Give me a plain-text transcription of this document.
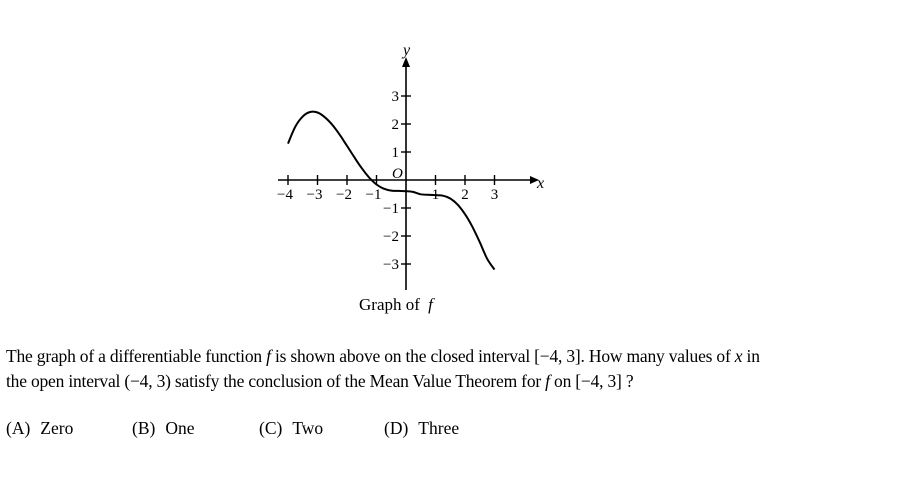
−4 −3 −2 −1	1 2 3
3
2
1
−1
−2
−3
x
y
O
Graph of f

The graph of a differentiable function f is shown above on the closed interval [−4, 3]. How many values of x in

the open interval (−4, 3) satisfy the conclusion of the Mean Value Theorem for f on [−4, 3] ?

(A) Zero	(B) One	(C) Two	(D) Three
